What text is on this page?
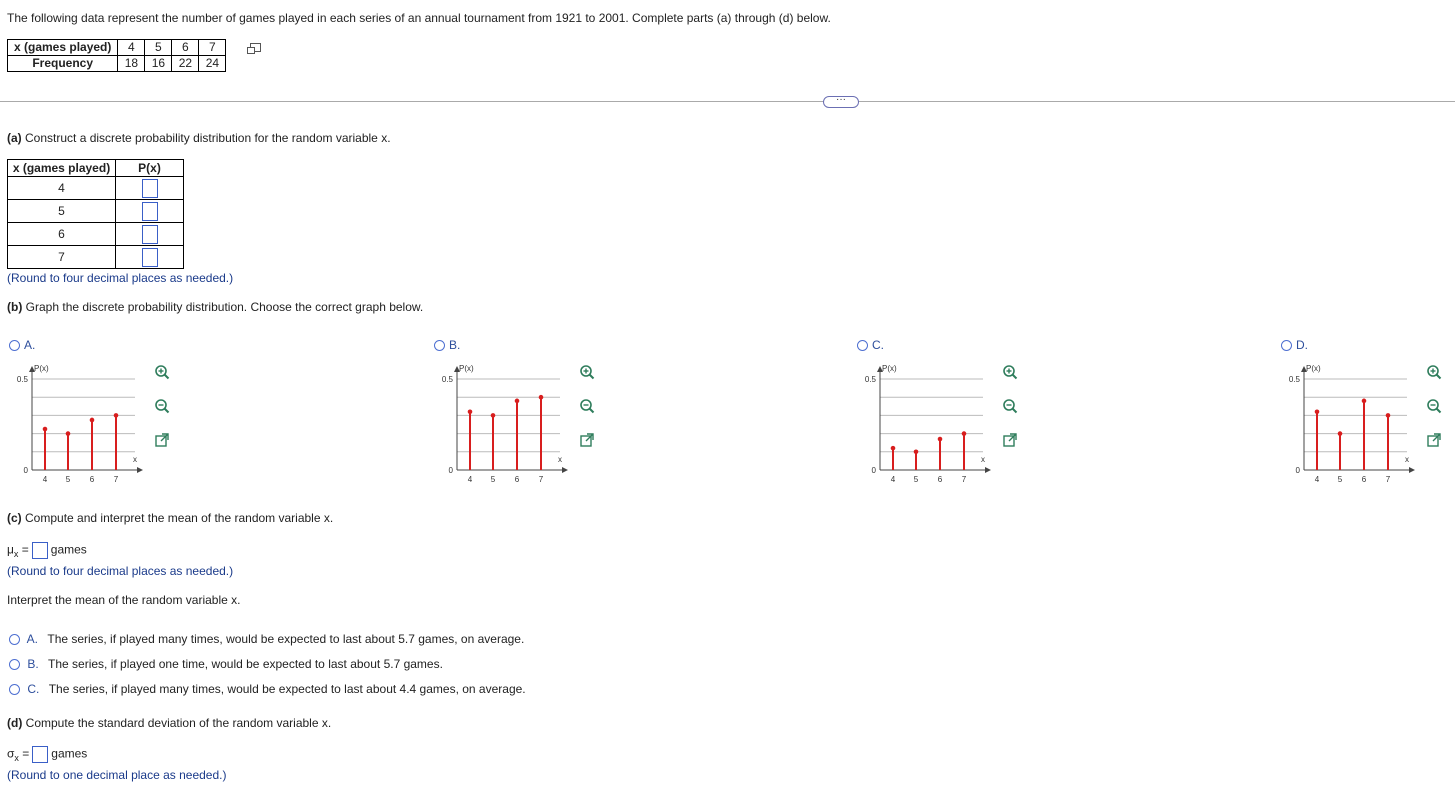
The following data represent the number of games played in each series of an annual tournament from 1921 to 2001. Complete parts (a) through (d) below.
x (games played)	4	5	6	7
Frequency	18	16	22	24
···
(a) Construct a discrete probability distribution for the random variable x.
x (games played)	P(x)
4	
5	
6	
7	
(Round to four decimal places as needed.)
(b) Graph the discrete probability distribution. Choose the correct graph below.
A.
P(x)
0.5
0
x
4 5 6 7
B.
P(x)
0.5
0
x
4 5 6 7
C.
P(x)
0.5
0
x
4 5 6 7
D.
P(x)
0.5
0
x
4 5 6 7
(c) Compute and interpret the mean of the random variable x.
$\mu_x$ = games
(Round to four decimal places as needed.)
Interpret the mean of the random variable x.
A. The series, if played many times, would be expected to last about 5.7 games, on average.
B. The series, if played one time, would be expected to last about 5.7 games.
C. The series, if played many times, would be expected to last about 4.4 games, on average.
(d) Compute the standard deviation of the random variable x.
$\sigma_x$ = games
(Round to one decimal place as needed.)
